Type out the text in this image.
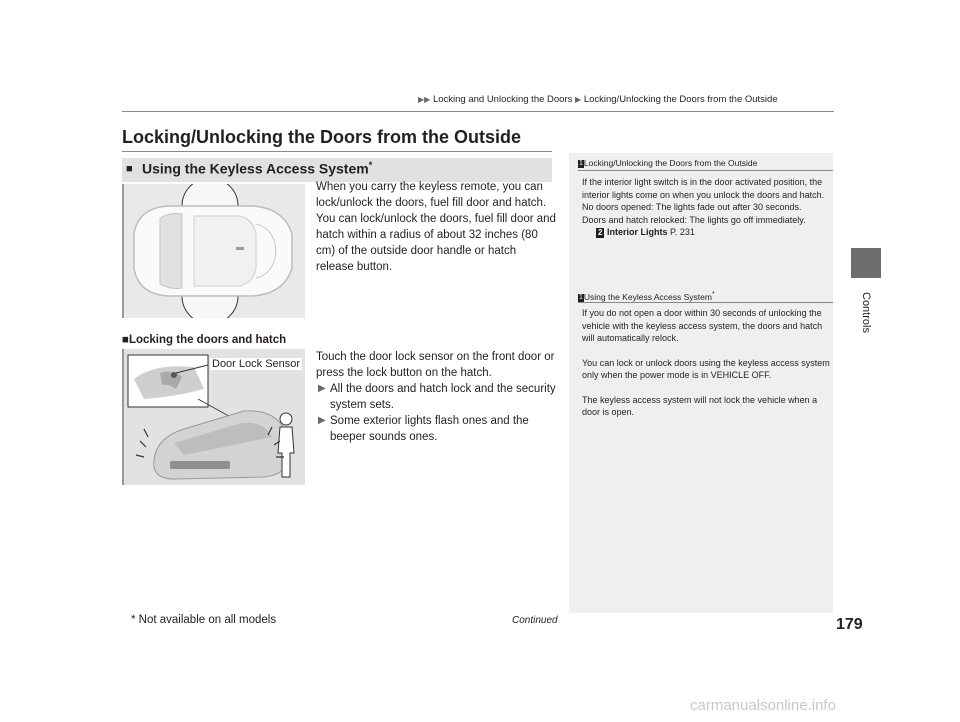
▶▶ Locking and Unlocking the Doors ▶ Locking/Unlocking the Doors from the Outside
Locking/Unlocking the Doors from the Outside
■ Using the Keyless Access System*
When you carry the keyless remote, you can lock/unlock the doors, fuel fill door and hatch. You can lock/unlock the doors, fuel fill door and hatch within a radius of about 32 inches (80 cm) of the outside door handle or hatch release button.
■Locking the doors and hatch
Door Lock Sensor
Touch the door lock sensor on the front door or press the lock button on the hatch.
▶ All the doors and hatch lock and the security system sets.
▶ Some exterior lights flash ones and the beeper sounds ones.
1Locking/Unlocking the Doors from the Outside
If the interior light switch is in the door activated position, the interior lights come on when you unlock the doors and hatch.
No doors opened: The lights fade out after 30 seconds.
Doors and hatch relocked: The lights go off immediately.
2 Interior Lights P. 231
1Using the Keyless Access System*
If you do not open a door within 30 seconds of unlocking the vehicle with the keyless access system, the doors and hatch will automatically relock.
You can lock or unlock doors using the keyless access system only when the power mode is in VEHICLE OFF.
The keyless access system will not lock the vehicle when a door is open.
Controls
* Not available on all models	Continued	179
carmanualsonline.info
